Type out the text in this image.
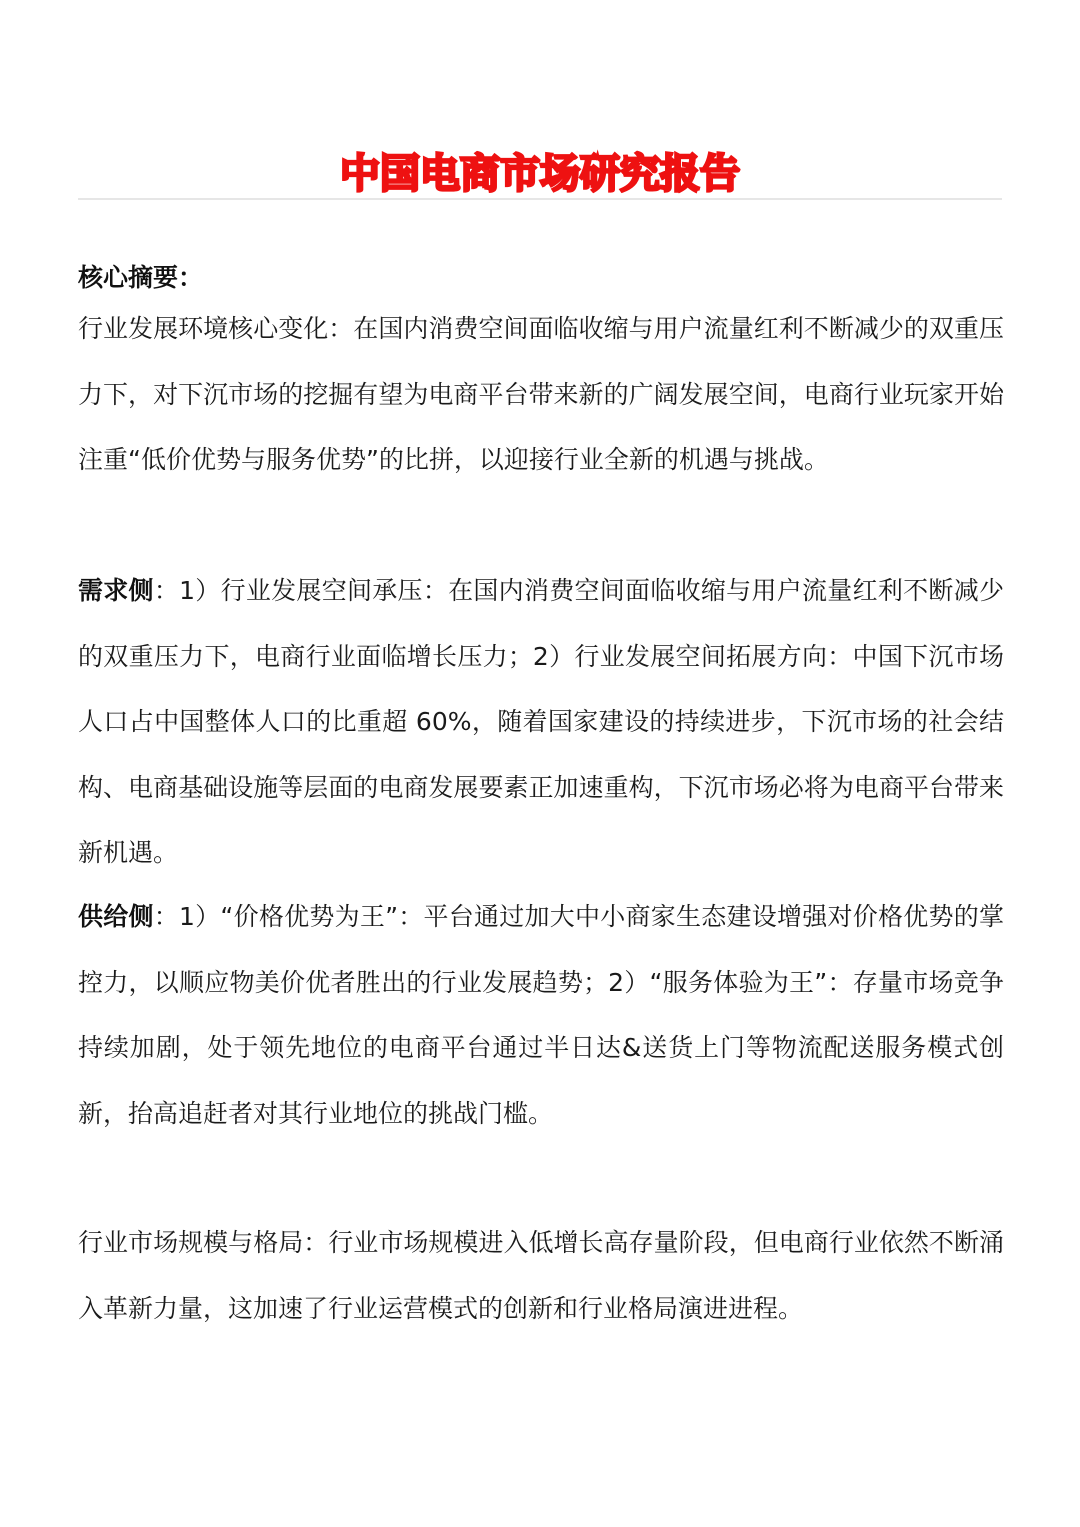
中国电商市场研究报告
核心摘要：

行业发展环境核心变化：在国内消费空间面临收缩与用户流量红利不断减少的双重压力下，对下沉市场的挖掘有望为电商平台带来新的广阔发展空间，电商行业玩家开始注重“低价优势与服务优势”的比拼，以迎接行业全新的机遇与挑战。

需求侧：1）行业发展空间承压：在国内消费空间面临收缩与用户流量红利不断减少的双重压力下，电商行业面临增长压力；2）行业发展空间拓展方向：中国下沉市场人口占中国整体人口的比重超 60%，随着国家建设的持续进步，下沉市场的社会结构、电商基础设施等层面的电商发展要素正加速重构，下沉市场必将为电商平台带来新机遇。

供给侧：1）“价格优势为王”：平台通过加大中小商家生态建设增强对价格优势的掌控力，以顺应物美价优者胜出的行业发展趋势；2）“服务体验为王”：存量市场竞争持续加剧，处于领先地位的电商平台通过半日达&送货上门等物流配送服务模式创新，抬高追赶者对其行业地位的挑战门槛。

行业市场规模与格局：行业市场规模进入低增长高存量阶段，但电商行业依然不断涌入革新力量，这加速了行业运营模式的创新和行业格局演进进程。
